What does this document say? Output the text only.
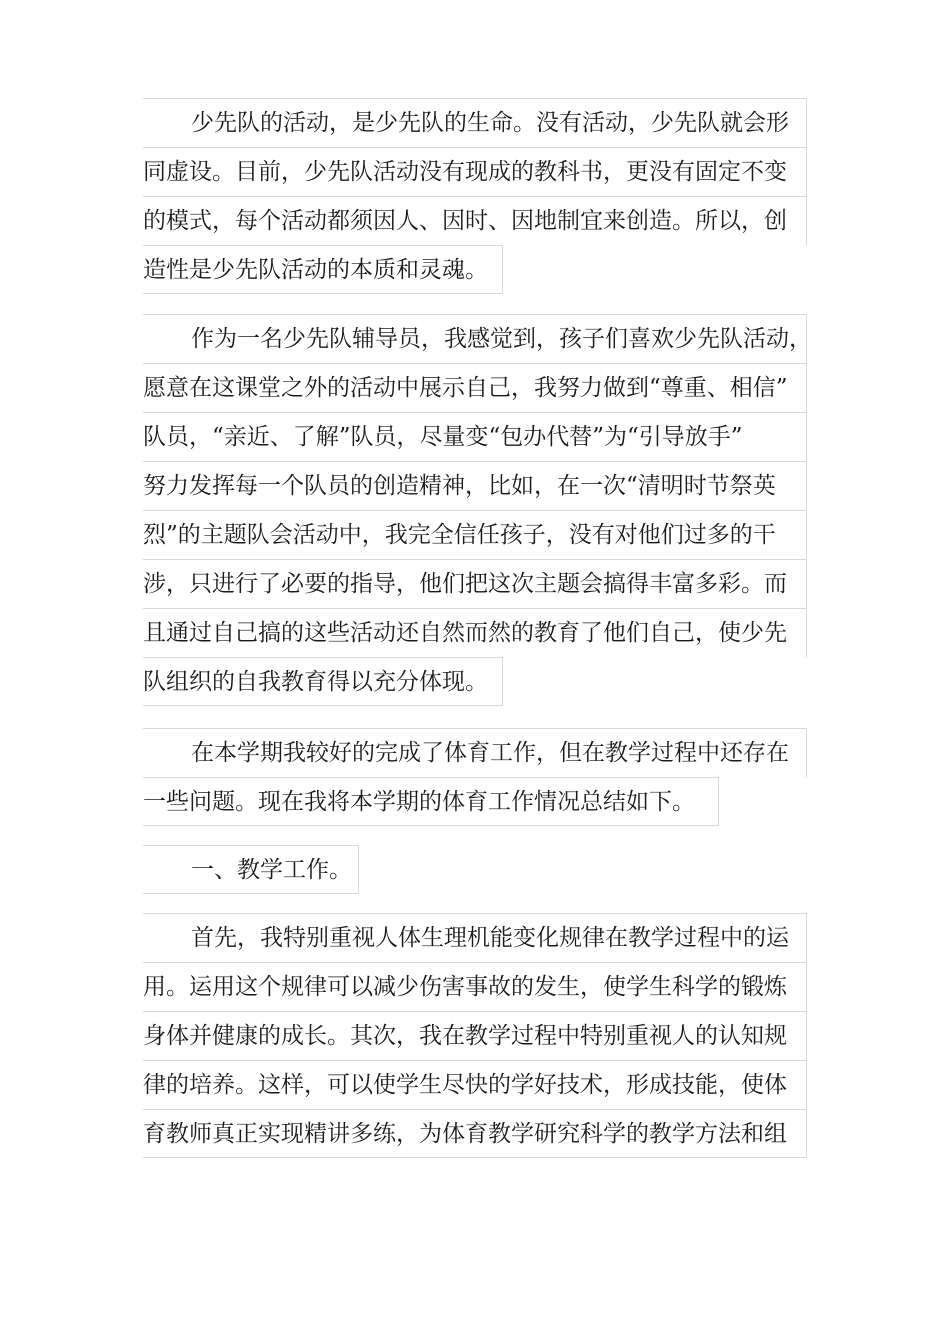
少先队的活动，是少先队的生命。没有活动，少先队就会形
同虚设。目前，少先队活动没有现成的教科书，更没有固定不变
的模式，每个活动都须因人、因时、因地制宜来创造。所以，创
造性是少先队活动的本质和灵魂。
作为一名少先队辅导员，我感觉到，孩子们喜欢少先队活动，
愿意在这课堂之外的活动中展示自己，我努力做到“尊重、相信”
队员，“亲近、了解”队员，尽量变“包办代替”为“引导放手”
努力发挥每一个队员的创造精神，比如，在一次“清明时节祭英
烈”的主题队会活动中，我完全信任孩子，没有对他们过多的干
涉，只进行了必要的指导，他们把这次主题会搞得丰富多彩。而
且通过自己搞的这些活动还自然而然的教育了他们自己，使少先
队组织的自我教育得以充分体现。
在本学期我较好的完成了体育工作，但在教学过程中还存在
一些问题。现在我将本学期的体育工作情况总结如下。
一、教学工作。
首先，我特别重视人体生理机能变化规律在教学过程中的运
用。运用这个规律可以减少伤害事故的发生，使学生科学的锻炼
身体并健康的成长。其次，我在教学过程中特别重视人的认知规
律的培养。这样，可以使学生尽快的学好技术，形成技能，使体
育教师真正实现精讲多练，为体育教学研究科学的教学方法和组
